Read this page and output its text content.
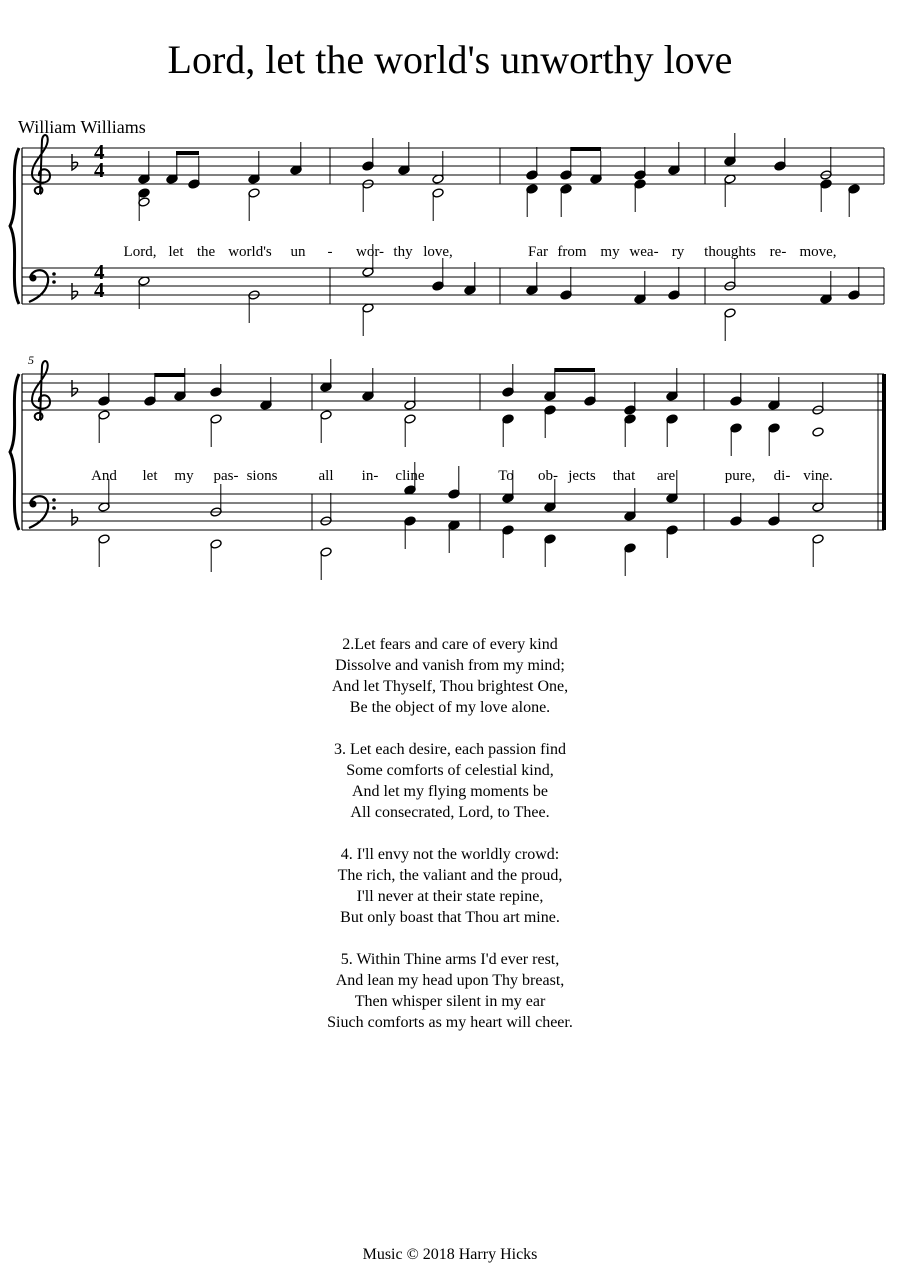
Lord, let the world's unworthy love
William Williams
4
4
4
4
Lord, let the world's un - wor- thy love,	Far from my wea- ry thoughts re- move,
5
And let my pas- sions	all in- cline	To ob- jects that are	pure, di- vine.
2.Let fears and care of every kind
Dissolve and vanish from my mind;
And let Thyself, Thou brightest One,
Be the object of my love alone.
3. Let each desire, each passion find
Some comforts of celestial kind,
And let my flying moments be
All consecrated, Lord, to Thee.
4. I'll envy not the worldly crowd:
The rich, the valiant and the proud,
I'll never at their state repine,
But only boast that Thou art mine.
5. Within Thine arms I'd ever rest,
And lean my head upon Thy breast,
Then whisper silent in my ear
Siuch comforts as my heart will cheer.
Music © 2018 Harry Hicks
